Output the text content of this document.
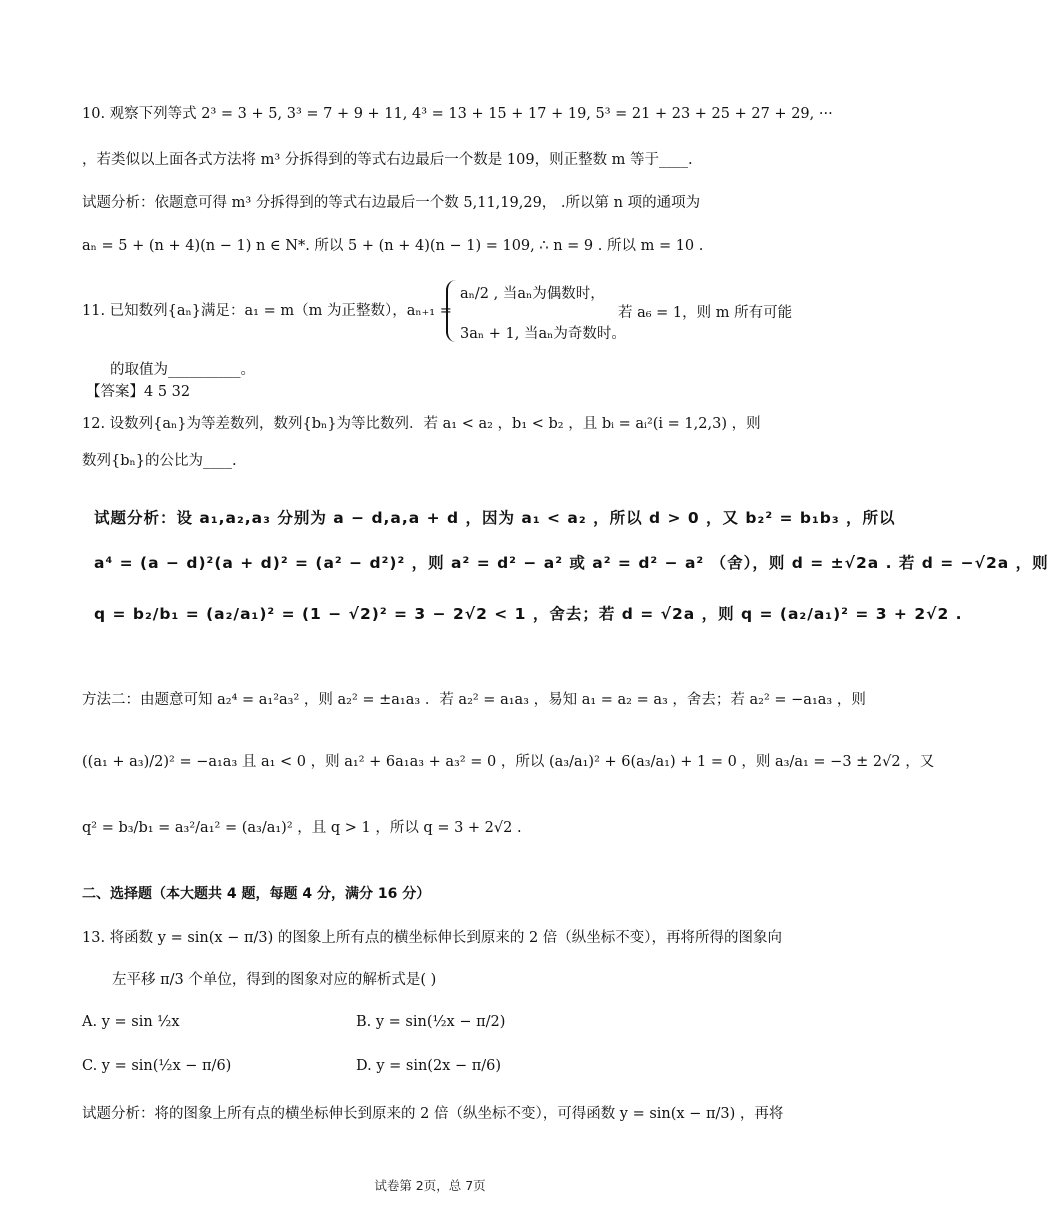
10. 观察下列等式 2³ = 3 + 5, 3³ = 7 + 9 + 11, 4³ = 13 + 15 + 17 + 19, 5³ = 21 + 23 + 25 + 27 + 29, ···
，若类似以上面各式方法将 m³ 分拆得到的等式右边最后一个数是 109，则正整数 m 等于____.
试题分析：依题意可得 m³ 分拆得到的等式右边最后一个数 5,11,19,29， .所以第 n 项的通项为
aₙ = 5 + (n + 4)(n − 1) n ∈ N*. 所以 5 + (n + 4)(n − 1) = 109, ∴ n = 9 . 所以 m = 10 .
11. 已知数列{aₙ}满足：a₁ = m（m 为正整数），aₙ₊₁ =
aₙ/2 , 当aₙ为偶数时，
3aₙ + 1, 当aₙ为奇数时。
若 a₆ = 1，则 m 所有可能
的取值为__________。
【答案】4 5 32
12. 设数列{aₙ}为等差数列，数列{bₙ}为等比数列．若 a₁ < a₂ ，b₁ < b₂ ，且 bᵢ = aᵢ²(i = 1,2,3) ，则
数列{bₙ}的公比为____.
试题分析：设 a₁,a₂,a₃ 分别为 a − d,a,a + d ，因为 a₁ < a₂ ，所以 d > 0 ，又 b₂² = b₁b₃ ，所以
a⁴ = (a − d)²(a + d)² = (a² − d²)² ，则 a² = d² − a² 或 a² = d² − a² （舍），则 d = ±√2a . 若 d = −√2a ，则
q = b₂/b₁ = (a₂/a₁)² = (1 − √2)² = 3 − 2√2 < 1 ，舍去；若 d = √2a ，则 q = (a₂/a₁)² = 3 + 2√2 .
方法二：由题意可知 a₂⁴ = a₁²a₃² ，则 a₂² = ±a₁a₃ ．若 a₂² = a₁a₃ ，易知 a₁ = a₂ = a₃ ，舍去；若 a₂² = −a₁a₃ ，则
((a₁ + a₃)/2)² = −a₁a₃ 且 a₁ < 0 ，则 a₁² + 6a₁a₃ + a₃² = 0 ，所以 (a₃/a₁)² + 6(a₃/a₁) + 1 = 0 ，则 a₃/a₁ = −3 ± 2√2 ，又
q² = b₃/b₁ = a₃²/a₁² = (a₃/a₁)² ，且 q > 1 ，所以 q = 3 + 2√2 .
二、选择题（本大题共 4 题，每题 4 分，满分 16 分）
13. 将函数 y = sin(x − π/3) 的图象上所有点的横坐标伸长到原来的 2 倍（纵坐标不变），再将所得的图象向
左平移 π/3 个单位，得到的图象对应的解析式是( )
A. y = sin ½x	B. y = sin(½x − π/2)
C. y = sin(½x − π/6)	D. y = sin(2x − π/6)
试题分析：将的图象上所有点的横坐标伸长到原来的 2 倍（纵坐标不变），可得函数 y = sin(x − π/3) ，再将
试卷第 2页，总 7页
